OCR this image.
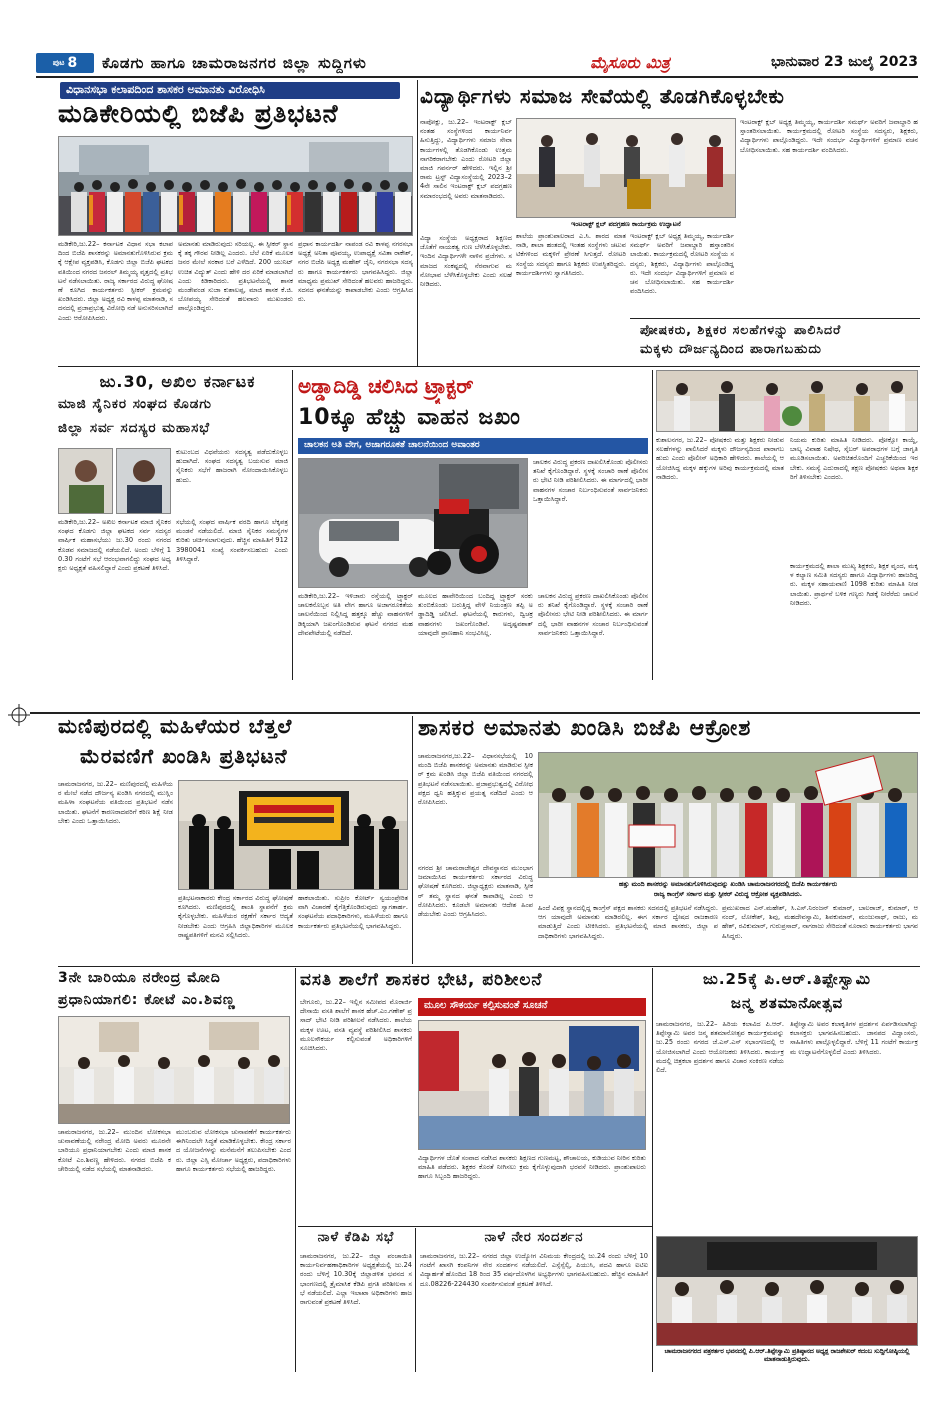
ಪುಟ 8 ಕೊಡಗು ಹಾಗೂ ಚಾಮರಾಜನಗರ ಜಿಲ್ಲಾ ಸುದ್ದಿಗಳು	ಮೈಸೂರು ಮಿತ್ರ	ಭಾನುವಾರ 23 ಜುಲೈ 2023
ವಿಧಾನಸಭಾ ಕಲಾಪದಿಂದ ಶಾಸಕರ ಅಮಾನತು ವಿರೋಧಿಸಿ
ಮಡಿಕೇರಿಯಲ್ಲಿ ಬಿಜೆಪಿ ಪ್ರತಿಭಟನೆ
ಮಡಿಕೇರಿ,ಜು.22– ಕರ್ನಾಟಕ ವಿಧಾನ ಸಭಾ ಕಲಾಪದಿಂದ ಬಿಜೆಪಿ ಶಾಸಕರನ್ನು ಅಮಾನತುಗೊಳಿಸಿರುವ ಕ್ರಮಕ್ಕೆ ಆಕ್ಷೇಪ ವ್ಯಕ್ತಪಡಿಸಿ, ಕೊಡಗು ಜಿಲ್ಲಾ ಬಿಜೆಪಿ ಘಟಕದ ವತಿಯಿಂದ ನಗರದ ಜನರಲ್ ತಿಮ್ಮಯ್ಯ ವೃತ್ತದಲ್ಲಿ ಪ್ರತಿಭಟನೆ ನಡೆಸಲಾಯಿತು. ರಾಜ್ಯ ಸರ್ಕಾರದ ವಿರುದ್ಧ ಘೋಷಣೆ ಕೂಗಿದ ಕಾರ್ಯಕರ್ತರು ಸ್ಪೀಕರ್ ಕ್ರಮವನ್ನು ಖಂಡಿಸಿದರು. ಜಿಲ್ಲಾ ಅಧ್ಯಕ್ಷ ರವಿ ಕಾಳಪ್ಪ ಮಾತನಾಡಿ, ಸದನದಲ್ಲಿ ಪ್ರಜಾಪ್ರಭುತ್ವ ವಿರೋಧಿ ನಡೆ ಅನುಸರಿಸಲಾಗಿದೆ ಎಂದು ಆರೋಪಿಸಿದರು.
ಅಮಾನತು ಮಾಡಿರುವುದು ಸರಿಯಲ್ಲ. ಈ ಸ್ಪೀಕರ್ ಸ್ಥಾನಕ್ಕೆ ತಕ್ಕ ಗೌರವ ನೀಡಿಲ್ಲ ಎಂದರು. ಬೆಲೆ ಏರಿಕೆ ಮೂಲಕ ಜನರ ಮೇಲೆ ಸರಕಾರ ಬರೆ ಎಳೆದಿದೆ. 200 ಯುನಿಟ್ ಉಚಿತ ವಿದ್ಯುತ್ ಎಂದು ಹೇಳಿ ದರ ಏರಿಕೆ ಮಾಡಲಾಗಿದೆ ಎಂದು ಕಿಡಿಕಾರಿದರು. ಪ್ರತಿಭಟನೆಯಲ್ಲಿ ಶಾಸಕ ಮಂಡೇಪಂಡ ಸುಜಾ ಕುಶಾಲಪ್ಪ, ಮಾಜಿ ಶಾಸಕ ಕೆ.ಜಿ.ಬೋಪಯ್ಯ ಸೇರಿದಂತೆ ಹಲವಾರು ಮುಖಂಡರು ಪಾಲ್ಗೊಂಡಿದ್ದರು.
ಪ್ರಧಾನ ಕಾರ್ಯದರ್ಶಿ ನಾಪಂಡ ರವಿ ಕಾಳಪ್ಪ ನಗರಸಭಾ ಅಧ್ಯಕ್ಷೆ ಅನಿತಾ ಪೂವಯ್ಯ, ಉಪಾಧ್ಯಕ್ಷೆ ಸವಿತಾ ರಾಕೇಶ್, ನಗರ ಬಿಜೆಪಿ ಅಧ್ಯಕ್ಷ ಮಹೇಶ್ ಜೈನಿ, ನಗರಸಭಾ ಸದಸ್ಯರು ಹಾಗೂ ಕಾರ್ಯಕರ್ತರು ಭಾಗವಹಿಸಿದ್ದರು. ಜಿಲ್ಲಾ ಮಾಧ್ಯಮ ಪ್ರಮುಖ್ ಸೇರಿದಂತೆ ಹಲವರು ಹಾಜರಿದ್ದರು. ಸದನದ ಘನತೆಯನ್ನು ಕಾಪಾಡಬೇಕು ಎಂದು ಆಗ್ರಹಿಸಿದರು.
ವಿದ್ಯಾರ್ಥಿಗಳು ಸಮಾಜ ಸೇವೆಯಲ್ಲಿ ತೊಡಗಿಕೊಳ್ಳಬೇಕು
ನಾಪೋಕ್ಲು, ಜು.22– ಇಂಟರಾಕ್ಟ್ ಕ್ಲಬ್ ನಂತಹ ಸಂಸ್ಥೆಗಳಿಂದ ಕಾರ್ಯನಿರ್ವಹಿಸುತ್ತಿದ್ದು, ವಿದ್ಯಾರ್ಥಿಗಳು ಸಮಾಜ ಸೇವಾ ಕಾರ್ಯಗಳಲ್ಲಿ ತೊಡಗಿಕೊಂಡು ಉತ್ತಮ ನಾಗರಿಕರಾಗಬೇಕು ಎಂದು ರೋಟರಿ ಜಿಲ್ಲಾ ಮಾಜಿ ಗವರ್ನರ್ ಹೇಳಿದರು. ಇಲ್ಲಿನ ಶ್ರೀ ರಾಮ ಟ್ರಸ್ಟ್ ವಿದ್ಯಾಸಂಸ್ಥೆಯಲ್ಲಿ 2023–24ನೇ ಸಾಲಿನ ಇಂಟರಾಕ್ಟ್ ಕ್ಲಬ್ ಪದಗ್ರಹಣ ಸಮಾರಂಭದಲ್ಲಿ ಅವರು ಮಾತನಾಡಿದರು.
ವಿದ್ಯಾ ಸಂಸ್ಥೆಯ ಅಧ್ಯಕ್ಷರಾದ ಶಿಕ್ಷಣದ ಜೊತೆಗೆ ನಾಯಕತ್ವ ಗುಣ ಬೆಳೆಸಿಕೊಳ್ಳಬೇಕು. ಇಂದಿನ ವಿದ್ಯಾರ್ಥಿಗಳೇ ನಾಳಿನ ಪ್ರಜೆಗಳು. ಸಮಾಜದ ಸಂಕಷ್ಟದಲ್ಲಿ ನೆರವಾಗುವ ಮನೋಭಾವ ಬೆಳೆಸಿಕೊಳ್ಳಬೇಕು ಎಂದು ಸಲಹೆ ನೀಡಿದರು.
ಇಂಟರಾಕ್ಟ್ ಕ್ಲಬ್ ಪದಗ್ರಹಣ ಕಾರ್ಯಕ್ರಮ ಉದ್ಘಾಟನೆ
ಶಾಲೆಯ ಪ್ರಾಂಶುಪಾಲರಾದ ಎ.ಸಿ. ಶಾರದ ಮಾತನಾಡಿ, ಶಾಲಾ ಹಂತದಲ್ಲಿ ಇಂತಹ ಸಂಸ್ಥೆಗಳು ಚಟುವಟಿಕೆಗಳಿಂದ ಮಕ್ಕಳಿಗೆ ಪ್ರೇರಣೆ ಸಿಗುತ್ತದೆ. ರೋಟರಿ ಸಂಸ್ಥೆಯ ಸದಸ್ಯರು ಹಾಗೂ ಶಿಕ್ಷಕರು ಉಪಸ್ಥಿತರಿದ್ದರು. ಕಾರ್ಯದರ್ಶಿಗಳು ಸ್ವಾಗತಿಸಿದರು.
ಇಂಟರಾಕ್ಟ್ ಕ್ಲಬ್ ಅಧ್ಯಕ್ಷ ತಿಮ್ಮಯ್ಯ, ಕಾರ್ಯದರ್ಶಿ ಸಮರ್ಥ್ ಅವರಿಗೆ ಜವಾಬ್ದಾರಿ ಹಸ್ತಾಂತರಿಸಲಾಯಿತು. ಕಾರ್ಯಕ್ರಮದಲ್ಲಿ ರೋಟರಿ ಸಂಸ್ಥೆಯ ಸದಸ್ಯರು, ಶಿಕ್ಷಕರು, ವಿದ್ಯಾರ್ಥಿಗಳು ಪಾಲ್ಗೊಂಡಿದ್ದರು. ಇದೇ ಸಂದರ್ಭ ವಿದ್ಯಾರ್ಥಿಗಳಿಗೆ ಪ್ರಮಾಣ ವಚನ ಬೋಧಿಸಲಾಯಿತು. ಸಹ ಕಾರ್ಯದರ್ಶಿ ವಂದಿಸಿದರು.
ಇಂಟರಾಕ್ಟ್ ಕ್ಲಬ್ ಅಧ್ಯಕ್ಷ ತಿಮ್ಮಯ್ಯ, ಕಾರ್ಯದರ್ಶಿ ಸಮರ್ಥ್ ಅವರಿಗೆ ಜವಾಬ್ದಾರಿ ಹಸ್ತಾಂತರಿಸಲಾಯಿತು. ಕಾರ್ಯಕ್ರಮದಲ್ಲಿ ರೋಟರಿ ಸಂಸ್ಥೆಯ ಸದಸ್ಯರು, ಶಿಕ್ಷಕರು, ವಿದ್ಯಾರ್ಥಿಗಳು ಪಾಲ್ಗೊಂಡಿದ್ದರು. ಇದೇ ಸಂದರ್ಭ ವಿದ್ಯಾರ್ಥಿಗಳಿಗೆ ಪ್ರಮಾಣ ವಚನ ಬೋಧಿಸಲಾಯಿತು. ಸಹ ಕಾರ್ಯದರ್ಶಿ ವಂದಿಸಿದರು.
ಪೋಷಕರು, ಶಿಕ್ಷಕರ ಸಲಹೆಗಳನ್ನು ಪಾಲಿಸಿದರೆ
ಮಕ್ಕಳು ದೌರ್ಜನ್ಯದಿಂದ ಪಾರಾಗಬಹುದು
ಜು.30, ಅಖಿಲ ಕರ್ನಾಟಕ
ಮಾಜಿ ಸೈನಿಕರ ಸಂಘದ ಕೊಡಗು
ಜಿಲ್ಲಾ ಸರ್ವ ಸದಸ್ಯರ ಮಹಾಸಭೆ
ಕುಟುಂಬದ ವಿಧವೆಯರು ಸದಸ್ಯತ್ವ ಪಡೆದುಕೊಳ್ಳಬಹುದಾಗಿದೆ. ಸಂಘದ ಸದಸ್ಯತ್ವ ಬಯಸುವ ಮಾಜಿ ಸೈನಿಕರು ಸಭೆಗೆ ಹಾಜರಾಗಿ ನೋಂದಾಯಿಸಿಕೊಳ್ಳಬಹುದು.
ಮಡಿಕೇರಿ,ಜು.22– ಅಖಿಲ ಕರ್ನಾಟಕ ಮಾಜಿ ಸೈನಿಕರ ಸಂಘದ ಕೊಡಗು ಜಿಲ್ಲಾ ಘಟಕದ ಸರ್ವ ಸದಸ್ಯರ ವಾರ್ಷಿಕ ಮಹಾಸಭೆಯು ಜು.30 ರಂದು ನಗರದ ಕೊಡವ ಸಮಾಜದಲ್ಲಿ ನಡೆಯಲಿದೆ. ಅಂದು ಬೆಳಿಗ್ಗೆ 10.30 ಗಂಟೆಗೆ ಸಭೆ ಆರಂಭವಾಗಲಿದ್ದು ಸಂಘದ ಅಧ್ಯಕ್ಷರು ಅಧ್ಯಕ್ಷತೆ ವಹಿಸಲಿದ್ದಾರೆ ಎಂದು ಪ್ರಕಟಣೆ ತಿಳಿಸಿದೆ.
ಸಭೆಯಲ್ಲಿ ಸಂಘದ ವಾರ್ಷಿಕ ವರದಿ ಹಾಗೂ ಲೆಕ್ಕಪತ್ರ ಮಂಡನೆ ನಡೆಯಲಿದೆ. ಮಾಜಿ ಸೈನಿಕರ ಸಮಸ್ಯೆಗಳ ಕುರಿತು ಚರ್ಚಿಸಲಾಗುವುದು. ಹೆಚ್ಚಿನ ಮಾಹಿತಿಗೆ 9123980041 ಸಂಖ್ಯೆ ಸಂಪರ್ಕಿಸಬಹುದು ಎಂದು ತಿಳಿಸಿದ್ದಾರೆ.
ಅಡ್ಡಾದಿಡ್ಡಿ ಚಲಿಸಿದ ಟ್ರ್ಯಾಕ್ಟರ್
10ಕ್ಕೂ ಹೆಚ್ಚು ವಾಹನ ಜಖಂ
ಚಾಲಕನ ಅತಿ ವೇಗ, ಅಜಾಗರೂಕತೆ ಚಾಲನೆಯಿಂದ ಅವಾಂತರ
ಚಾಲಕನ ವಿರುದ್ಧ ಪ್ರಕರಣ ದಾಖಲಿಸಿಕೊಂಡು ಪೊಲೀಸರು ತನಿಖೆ ಕೈಗೊಂಡಿದ್ದಾರೆ. ಸ್ಥಳಕ್ಕೆ ಸಂಚಾರಿ ಠಾಣೆ ಪೊಲೀಸರು ಭೇಟಿ ನೀಡಿ ಪರಿಶೀಲಿಸಿದರು. ಈ ಮಾರ್ಗದಲ್ಲಿ ಭಾರೀ ವಾಹನಗಳ ಸಂಚಾರ ನಿರ್ಬಂಧಿಸುವಂತೆ ಸಾರ್ವಜನಿಕರು ಒತ್ತಾಯಿಸಿದ್ದಾರೆ.
ಮಡಿಕೇರಿ,ಜು.22– ಇಳಿಜಾರು ರಸ್ತೆಯಲ್ಲಿ ಟ್ರ್ಯಾಕ್ಟರ್ ಚಾಲಕನೊಬ್ಬನ ಅತಿ ವೇಗ ಹಾಗೂ ಅಜಾಗರೂಕತೆಯ ಚಾಲನೆಯಿಂದ ನಿಲ್ಲಿಸಿದ್ದ ಹತ್ತಕ್ಕೂ ಹೆಚ್ಚು ವಾಹನಗಳಿಗೆ ಡಿಕ್ಕಿಯಾಗಿ ಜಖಂಗೊಂಡಿರುವ ಘಟನೆ ನಗರದ ಮಹದೇವಪೇಟೆಯಲ್ಲಿ ನಡೆದಿದೆ.
ಮೂಲದ ಹಾವೇರಿಯಿಂದ ಬಂದಿದ್ದ ಟ್ರ್ಯಾಕ್ಟರ್ ಸರಕು ತುಂಬಿಕೊಂಡು ಬರುತ್ತಿದ್ದ ವೇಳೆ ನಿಯಂತ್ರಣ ತಪ್ಪಿ ಅಡ್ಡಾದಿಡ್ಡಿ ಚಲಿಸಿದೆ. ಘಟನೆಯಲ್ಲಿ ಕಾರುಗಳು, ದ್ವಿಚಕ್ರ ವಾಹನಗಳು ಜಖಂಗೊಂಡಿವೆ. ಅದೃಷ್ಟವಶಾತ್ ಯಾವುದೇ ಪ್ರಾಣಹಾನಿ ಸಂಭವಿಸಿಲ್ಲ.
ಚಾಲಕನ ವಿರುದ್ಧ ಪ್ರಕರಣ ದಾಖಲಿಸಿಕೊಂಡು ಪೊಲೀಸರು ತನಿಖೆ ಕೈಗೊಂಡಿದ್ದಾರೆ. ಸ್ಥಳಕ್ಕೆ ಸಂಚಾರಿ ಠಾಣೆ ಪೊಲೀಸರು ಭೇಟಿ ನೀಡಿ ಪರಿಶೀಲಿಸಿದರು. ಈ ಮಾರ್ಗದಲ್ಲಿ ಭಾರೀ ವಾಹನಗಳ ಸಂಚಾರ ನಿರ್ಬಂಧಿಸುವಂತೆ ಸಾರ್ವಜನಿಕರು ಒತ್ತಾಯಿಸಿದ್ದಾರೆ.
ಕುಶಾಲನಗರ, ಜು.22– ಪೋಷಕರು ಮತ್ತು ಶಿಕ್ಷಕರು ನೀಡುವ ಸಲಹೆಗಳನ್ನು ಪಾಲಿಸಿದರೆ ಮಕ್ಕಳು ದೌರ್ಜನ್ಯದಿಂದ ಪಾರಾಗಬಹುದು ಎಂದು ಪೊಲೀಸ್ ಅಧಿಕಾರಿ ಹೇಳಿದರು. ಶಾಲೆಯಲ್ಲಿ ಆಯೋಜಿಸಿದ್ದ ಮಕ್ಕಳ ಹಕ್ಕುಗಳ ಅರಿವು ಕಾರ್ಯಕ್ರಮದಲ್ಲಿ ಮಾತನಾಡಿದರು.
ನಿಯಮ ಕುರಿತು ಮಾಹಿತಿ ನೀಡಿದರು. ಪೋಕ್ಸೋ ಕಾಯ್ದೆ, ಬಾಲ್ಯ ವಿವಾಹ ನಿಷೇಧ, ಸೈಬರ್ ಅಪರಾಧಗಳ ಬಗ್ಗೆ ಜಾಗೃತಿ ಮೂಡಿಸಲಾಯಿತು. ಅಪರಿಚಿತರೊಂದಿಗೆ ಎಚ್ಚರಿಕೆಯಿಂದ ಇರಬೇಕು. ಸಮಸ್ಯೆ ಎದುರಾದಲ್ಲಿ ತಕ್ಷಣ ಪೋಷಕರು ಅಥವಾ ಶಿಕ್ಷಕರಿಗೆ ತಿಳಿಸಬೇಕು ಎಂದರು.
ಕಾರ್ಯಕ್ರಮದಲ್ಲಿ ಶಾಲಾ ಮುಖ್ಯ ಶಿಕ್ಷಕರು, ಶಿಕ್ಷಕ ವೃಂದ, ಮಕ್ಕಳ ಕಲ್ಯಾಣ ಸಮಿತಿ ಸದಸ್ಯರು ಹಾಗೂ ವಿದ್ಯಾರ್ಥಿಗಳು ಹಾಜರಿದ್ದರು. ಮಕ್ಕಳ ಸಹಾಯವಾಣಿ 1098 ಕುರಿತು ಮಾಹಿತಿ ನೀಡಲಾಯಿತು. ಪ್ರಾರ್ಥನೆ ಬಳಿಕ ಗಣ್ಯರು ಗಿಡಕ್ಕೆ ನೀರೆರೆದು ಚಾಲನೆ ನೀಡಿದರು.
ಮಣಿಪುರದಲ್ಲಿ ಮಹಿಳೆಯರ ಬೆತ್ತಲೆ
ಮೆರವಣಿಗೆ ಖಂಡಿಸಿ ಪ್ರತಿಭಟನೆ
ಚಾಮರಾಜನಗರ, ಜು.22– ಮಣಿಪುರದಲ್ಲಿ ಮಹಿಳೆಯರ ಮೇಲೆ ನಡೆದ ದೌರ್ಜನ್ಯ ಖಂಡಿಸಿ ನಗರದಲ್ಲಿ ಮುಸ್ಲಿಂ ಮಹಿಳಾ ಸಂಘಟನೆಯ ವತಿಯಿಂದ ಪ್ರತಿಭಟನೆ ನಡೆಸಲಾಯಿತು. ಘಟನೆಗೆ ಕಾರಣರಾದವರಿಗೆ ಕಠಿಣ ಶಿಕ್ಷೆ ನೀಡಬೇಕು ಎಂದು ಒತ್ತಾಯಿಸಿದರು.
ಪ್ರತಿಭಟನಾಕಾರರು ಕೇಂದ್ರ ಸರ್ಕಾರದ ವಿರುದ್ಧ ಘೋಷಣೆ ಕೂಗಿದರು. ಮಣಿಪುರದಲ್ಲಿ ಶಾಂತಿ ಸ್ಥಾಪನೆಗೆ ಕ್ರಮ ಕೈಗೊಳ್ಳಬೇಕು. ಮಹಿಳೆಯರ ರಕ್ಷಣೆಗೆ ಸರ್ಕಾರ ಆದ್ಯತೆ ನೀಡಬೇಕು ಎಂದು ಆಗ್ರಹಿಸಿ ಜಿಲ್ಲಾಧಿಕಾರಿಗಳ ಮೂಲಕ ರಾಷ್ಟ್ರಪತಿಗಳಿಗೆ ಮನವಿ ಸಲ್ಲಿಸಿದರು.
ಹಾಕಲಾಯಿತು. ಸುಪ್ರೀಂ ಕೋರ್ಟ್ ಸ್ವಯಂಪ್ರೇರಿತವಾಗಿ ವಿಚಾರಣೆ ಕೈಗೆತ್ತಿಕೊಂಡಿರುವುದು ಸ್ವಾಗತಾರ್ಹ. ಸಂಘಟನೆಯ ಪದಾಧಿಕಾರಿಗಳು, ಮಹಿಳೆಯರು ಹಾಗೂ ಕಾರ್ಯಕರ್ತರು ಪ್ರತಿಭಟನೆಯಲ್ಲಿ ಭಾಗವಹಿಸಿದ್ದರು.
ಶಾಸಕರ ಅಮಾನತು ಖಂಡಿಸಿ ಬಿಜೆಪಿ ಆಕ್ರೋಶ
ಚಾಮರಾಜನಗರ,ಜು.22– ವಿಧಾನಸಭೆಯಲ್ಲಿ 10 ಮಂದಿ ಬಿಜೆಪಿ ಶಾಸಕರನ್ನು ಅಮಾನತು ಮಾಡಿರುವ ಸ್ಪೀಕರ್ ಕ್ರಮ ಖಂಡಿಸಿ ಜಿಲ್ಲಾ ಬಿಜೆಪಿ ವತಿಯಿಂದ ನಗರದಲ್ಲಿ ಪ್ರತಿಭಟನೆ ನಡೆಸಲಾಯಿತು. ಪ್ರಜಾಪ್ರಭುತ್ವದಲ್ಲಿ ವಿರೋಧ ಪಕ್ಷದ ಧ್ವನಿ ಹತ್ತಿಕ್ಕುವ ಪ್ರಯತ್ನ ನಡೆದಿದೆ ಎಂದು ಆರೋಪಿಸಿದರು.
ನಗರದ ಶ್ರೀ ಚಾಮರಾಜೇಶ್ವರ ದೇವಸ್ಥಾನದ ಮುಂಭಾಗ ಜಮಾಯಿಸಿದ ಕಾರ್ಯಕರ್ತರು ಸರ್ಕಾರದ ವಿರುದ್ಧ ಘೋಷಣೆ ಕೂಗಿದರು. ಜಿಲ್ಲಾಧ್ಯಕ್ಷರು ಮಾತನಾಡಿ, ಸ್ಪೀಕರ್ ತಮ್ಮ ಸ್ಥಾನದ ಘನತೆ ಕಾಪಾಡಿಲ್ಲ ಎಂದು ಆರೋಪಿಸಿದರು. ಕೂಡಲೇ ಅಮಾನತು ಆದೇಶ ಹಿಂಪಡೆಯಬೇಕು ಎಂದು ಆಗ್ರಹಿಸಿದರು.
ಹತ್ತು ಮಂದಿ ಶಾಸಕರನ್ನು ಅಮಾನತುಗೊಳಿಸಿರುವುದನ್ನು ಖಂಡಿಸಿ ಚಾಮರಾಜನಗರದಲ್ಲಿ ಬಿಜೆಪಿ ಕಾರ್ಯಕರ್ತರು
ರಾಜ್ಯ ಕಾಂಗ್ರೆಸ್ ಸರ್ಕಾರ ಮತ್ತು ಸ್ಪೀಕರ್ ವಿರುದ್ಧ ಆಕ್ರೋಶ ವ್ಯಕ್ತಪಡಿಸಿದರು.
ಹಿಂದೆ ವಿಪಕ್ಷ ಸ್ಥಾನದಲ್ಲಿದ್ದ ಕಾಂಗ್ರೆಸ್ ಪಕ್ಷದ ಶಾಸಕರು ಸದನದಲ್ಲಿ ಪ್ರತಿಭಟನೆ ನಡೆಸಿದ್ದರು. ಆಗ ಯಾವುದೇ ಅಮಾನತು ಮಾಡಿರಲಿಲ್ಲ. ಈಗ ಸರ್ಕಾರ ದ್ವೇಷದ ರಾಜಕಾರಣ ಮಾಡುತ್ತಿದೆ ಎಂದು ಟೀಕಿಸಿದರು. ಪ್ರತಿಭಟನೆಯಲ್ಲಿ ಮಾಜಿ ಶಾಸಕರು, ಜಿಲ್ಲಾ ಪದಾಧಿಕಾರಿಗಳು ಭಾಗವಹಿಸಿದ್ದರು.
ಪ್ರಮುಖರಾದ ಎನ್.ಮಹೇಶ್, ಸಿ.ಎಸ್.ನಿರಂಜನ್ ಕುಮಾರ್, ಬಾಲರಾಜ್, ಕುಮಾರ್, ಆನಂದ್, ಲೋಕೇಶ್, ಶಿವು, ಮಹದೇವಸ್ವಾಮಿ, ಶಿವಕುಮಾರ್, ಮಂಜುನಾಥ್, ರಾಜು, ಮಹೇಶ್, ರವಿಕುಮಾರ್, ಗುರುಪ್ರಸಾದ್, ನಾಗರಾಜು ಸೇರಿದಂತೆ ನೂರಾರು ಕಾರ್ಯಕರ್ತರು ಭಾಗವಹಿಸಿದ್ದರು.
3ನೇ ಬಾರಿಯೂ ನರೇಂದ್ರ ಮೋದಿ
ಪ್ರಧಾನಿಯಾಗಲಿ: ಕೋಟೆ ಎಂ.ಶಿವಣ್ಣ
ಚಾಮರಾಜನಗರ, ಜು.22– ಮುಂದಿನ ಲೋಕಸಭಾ ಚುನಾವಣೆಯಲ್ಲಿ ನರೇಂದ್ರ ಮೋದಿ ಅವರು ಮೂರನೇ ಬಾರಿಯೂ ಪ್ರಧಾನಿಯಾಗಬೇಕು ಎಂದು ಮಾಜಿ ಶಾಸಕ ಕೋಟೆ ಎಂ.ಶಿವಣ್ಣ ಹೇಳಿದರು. ನಗರದ ಬಿಜೆಪಿ ಕಚೇರಿಯಲ್ಲಿ ನಡೆದ ಸಭೆಯಲ್ಲಿ ಮಾತನಾಡಿದರು.
ಮುಂಬರುವ ಲೋಕಸಭಾ ಚುನಾವಣೆಗೆ ಕಾರ್ಯಕರ್ತರು ಈಗಿನಿಂದಲೇ ಸಿದ್ಧತೆ ಮಾಡಿಕೊಳ್ಳಬೇಕು. ಕೇಂದ್ರ ಸರ್ಕಾರದ ಯೋಜನೆಗಳನ್ನು ಮನೆಮನೆಗೆ ತಲುಪಿಸಬೇಕು ಎಂದರು. ಜಿಲ್ಲಾ ಎಸ್ಸಿ ಮೋರ್ಚಾ ಅಧ್ಯಕ್ಷರು, ಪದಾಧಿಕಾರಿಗಳು ಹಾಗೂ ಕಾರ್ಯಕರ್ತರು ಸಭೆಯಲ್ಲಿ ಹಾಜರಿದ್ದರು.
ವಸತಿ ಶಾಲೆಗೆ ಶಾಸಕರ ಭೇಟಿ, ಪರಿಶೀಲನೆ
ಬೇಗೂರು, ಜು.22– ಇಲ್ಲಿನ ಸಮೀಪದ ಮೊರಾರ್ಜಿ ದೇಸಾಯಿ ವಸತಿ ಶಾಲೆಗೆ ಶಾಸಕ ಹೆಚ್.ಎಂ.ಗಣೇಶ್ ಪ್ರಸಾದ್ ಭೇಟಿ ನೀಡಿ ಪರಿಶೀಲನೆ ನಡೆಸಿದರು. ಶಾಲೆಯ ಮಕ್ಕಳ ಊಟ, ವಸತಿ ವ್ಯವಸ್ಥೆ ಪರಿಶೀಲಿಸಿದ ಶಾಸಕರು ಮೂಲಸೌಕರ್ಯ ಕಲ್ಪಿಸುವಂತೆ ಅಧಿಕಾರಿಗಳಿಗೆ ಸೂಚಿಸಿದರು.
ಮೂಲ ಸೌಕರ್ಯ ಕಲ್ಪಿಸುವಂತೆ ಸೂಚನೆ
ವಿದ್ಯಾರ್ಥಿಗಳ ಜೊತೆ ಸಂವಾದ ನಡೆಸಿದ ಶಾಸಕರು ಶಿಕ್ಷಣದ ಗುಣಮಟ್ಟ, ಶೌಚಾಲಯ, ಕುಡಿಯುವ ನೀರಿನ ಕುರಿತು ಮಾಹಿತಿ ಪಡೆದರು. ಶಿಕ್ಷಕರ ಕೊರತೆ ನೀಗಿಸಲು ಕ್ರಮ ಕೈಗೊಳ್ಳುವುದಾಗಿ ಭರವಸೆ ನೀಡಿದರು. ಪ್ರಾಂಶುಪಾಲರು ಹಾಗೂ ಸಿಬ್ಬಂದಿ ಹಾಜರಿದ್ದರು.
ನಾಳೆ ಕೆಡಿಪಿ ಸಭೆ
ಚಾಮರಾಜನಗರ, ಜು.22– ಜಿಲ್ಲಾ ಪಂಚಾಯಿತಿ ಕಾರ್ಯನಿರ್ವಹಣಾಧಿಕಾರಿಗಳ ಅಧ್ಯಕ್ಷತೆಯಲ್ಲಿ ಜು.24 ರಂದು ಬೆಳಿಗ್ಗೆ 10.30ಕ್ಕೆ ಜಿಲ್ಲಾಡಳಿತ ಭವನದ ಸಭಾಂಗಣದಲ್ಲಿ ತ್ರೈಮಾಸಿಕ ಕೆಡಿಪಿ ಪ್ರಗತಿ ಪರಿಶೀಲನಾ ಸಭೆ ನಡೆಯಲಿದೆ. ಎಲ್ಲಾ ಇಲಾಖಾ ಅಧಿಕಾರಿಗಳು ಹಾಜರಾಗುವಂತೆ ಪ್ರಕಟಣೆ ತಿಳಿಸಿದೆ.
ನಾಳೆ ನೇರ ಸಂದರ್ಶನ
ಚಾಮರಾಜನಗರ, ಜು.22– ನಗರದ ಜಿಲ್ಲಾ ಉದ್ಯೋಗ ವಿನಿಮಯ ಕೇಂದ್ರದಲ್ಲಿ ಜು.24 ರಂದು ಬೆಳಿಗ್ಗೆ 10 ಗಂಟೆಗೆ ಖಾಸಗಿ ಕಂಪನಿಗಳ ನೇರ ಸಂದರ್ಶನ ನಡೆಯಲಿದೆ. ಎಸ್ಸೆಸ್ಸೆಲ್ಸಿ, ಪಿಯುಸಿ, ಪದವಿ ಹಾಗೂ ಐಟಿಐ ವಿದ್ಯಾರ್ಹತೆ ಹೊಂದಿದ 18 ರಿಂದ 35 ವರ್ಷದೊಳಗಿನ ಅಭ್ಯರ್ಥಿಗಳು ಭಾಗವಹಿಸಬಹುದು. ಹೆಚ್ಚಿನ ಮಾಹಿತಿಗೆ ದೂ.08226-224430 ಸಂಪರ್ಕಿಸುವಂತೆ ಪ್ರಕಟಣೆ ತಿಳಿಸಿದೆ.
ಜು.25ಕ್ಕೆ ಪಿ.ಆರ್.ತಿಪ್ಪೇಸ್ವಾಮಿ
ಜನ್ಮ ಶತಮಾನೋತ್ಸವ
ಚಾಮರಾಜನಗರ, ಜು.22– ಹಿರಿಯ ಕಲಾವಿದ ಪಿ.ಆರ್.ತಿಪ್ಪೇಸ್ವಾಮಿ ಅವರ ಜನ್ಮ ಶತಮಾನೋತ್ಸವ ಕಾರ್ಯಕ್ರಮವನ್ನು ಜು.25 ರಂದು ನಗರದ ಜೆ.ಎಸ್.ಎಸ್ ಸಭಾಂಗಣದಲ್ಲಿ ಆಯೋಜಿಸಲಾಗಿದೆ ಎಂದು ಆಯೋಜಕರು ತಿಳಿಸಿದರು. ಕಾರ್ಯಕ್ರಮದಲ್ಲಿ ಚಿತ್ರಕಲಾ ಪ್ರದರ್ಶನ ಹಾಗೂ ವಿಚಾರ ಸಂಕಿರಣ ನಡೆಯಲಿದೆ.
ತಿಪ್ಪೇಸ್ವಾಮಿ ಅವರ ಕಲಾಕೃತಿಗಳ ಪ್ರದರ್ಶನ ಏರ್ಪಡಿಸಲಾಗಿದ್ದು ಕಲಾಸಕ್ತರು ಭಾಗವಹಿಸಬಹುದು. ಜಾನಪದ ವಿದ್ವಾಂಸರು, ಸಾಹಿತಿಗಳು ಪಾಲ್ಗೊಳ್ಳಲಿದ್ದಾರೆ. ಬೆಳಿಗ್ಗೆ 11 ಗಂಟೆಗೆ ಕಾರ್ಯಕ್ರಮ ಉದ್ಘಾಟನೆಗೊಳ್ಳಲಿದೆ ಎಂದು ತಿಳಿಸಿದರು.
ಚಾಮರಾಜನಗರದ ಪತ್ರಕರ್ತರ ಭವನದಲ್ಲಿ ಪಿ.ಆರ್.ತಿಪ್ಪೇಸ್ವಾಮಿ ಪ್ರತಿಷ್ಠಾನದ ಅಧ್ಯಕ್ಷ ರಾಜಶೇಖರ್ ಕದಂಬ ಸುದ್ದಿಗೋಷ್ಠಿಯಲ್ಲಿ ಮಾತನಾಡುತ್ತಿರುವುದು.
